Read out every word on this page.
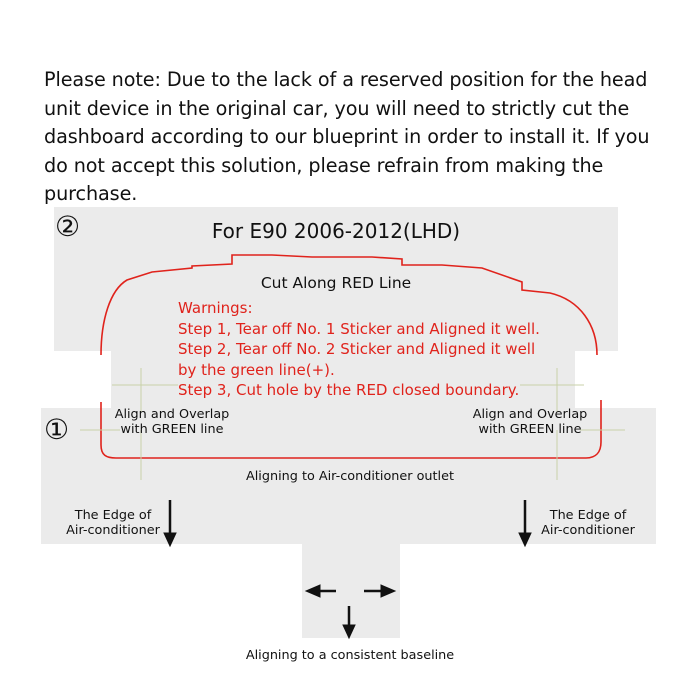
Please note: Due to the lack of a reserved position for the head unit device in the original car, you will need to strictly cut the dashboard according to our blueprint in order to install it. If you do not accept this solution, please refrain from making the purchase.
②	For E90 2006-2012(LHD)
Cut Along RED Line
Warnings:
Step 1, Tear off No. 1 Sticker and Aligned it well.
Step 2, Tear off No. 2 Sticker and Aligned it well
by the green line(+).
Step 3, Cut hole by the RED closed boundary.
①	Align and Overlap
with GREEN line
Align and Overlap
with GREEN line
Aligning to Air-conditioner outlet
The Edge of
Air-conditioner
The Edge of
Air-conditioner
Aligning to a consistent baseline
